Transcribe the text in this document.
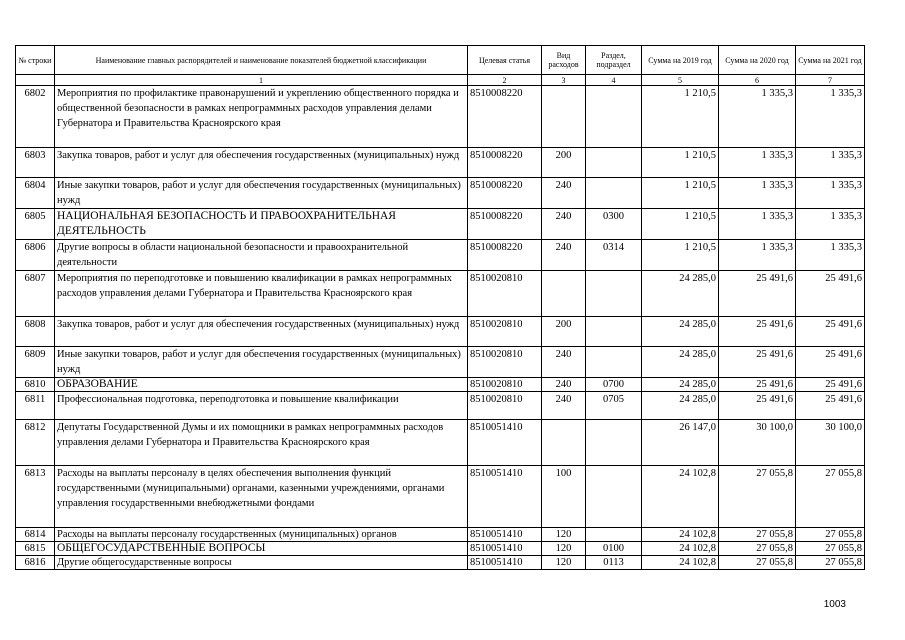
№ строки	Наименование главных распорядителей и наименование показателей бюджетной классификации	Целевая статья	Вид расходов	Раздел, подраздел	Сумма на 2019 год	Сумма на 2020 год	Сумма на 2021 год
	1	2	3	4	5	6	7
6802	Мероприятия по профилактике правонарушений и укреплению общественного порядка и общественной безопасности в рамках непрограммных расходов управления делами Губернатора и Правительства Красноярского края	8510008220			1 210,5	1 335,3	1 335,3
6803	Закупка товаров, работ и услуг для обеспечения государственных (муниципальных) нужд	8510008220	200		1 210,5	1 335,3	1 335,3
6804	Иные закупки товаров, работ и услуг для обеспечения государственных (муниципальных) нужд	8510008220	240		1 210,5	1 335,3	1 335,3
6805	НАЦИОНАЛЬНАЯ БЕЗОПАСНОСТЬ И ПРАВООХРАНИТЕЛЬНАЯ ДЕЯТЕЛЬНОСТЬ	8510008220	240	0300	1 210,5	1 335,3	1 335,3
6806	Другие вопросы в области национальной безопасности и правоохранительной деятельности	8510008220	240	0314	1 210,5	1 335,3	1 335,3
6807	Мероприятия по переподготовке и повышению квалификации в рамках непрограммных расходов управления делами Губернатора и Правительства Красноярского края	8510020810			24 285,0	25 491,6	25 491,6
6808	Закупка товаров, работ и услуг для обеспечения государственных (муниципальных) нужд	8510020810	200		24 285,0	25 491,6	25 491,6
6809	Иные закупки товаров, работ и услуг для обеспечения государственных (муниципальных) нужд	8510020810	240		24 285,0	25 491,6	25 491,6
6810	ОБРАЗОВАНИЕ	8510020810	240	0700	24 285,0	25 491,6	25 491,6
6811	Профессиональная подготовка, переподготовка и повышение квалификации	8510020810	240	0705	24 285,0	25 491,6	25 491,6
6812	Депутаты Государственной Думы и их помощники в рамках непрограммных расходов управления делами Губернатора и Правительства Красноярского края	8510051410			26 147,0	30 100,0	30 100,0
6813	Расходы на выплаты персоналу в целях обеспечения выполнения функций государственными (муниципальными) органами, казенными учреждениями, органами управления государственными внебюджетными фондами	8510051410	100		24 102,8	27 055,8	27 055,8
6814	Расходы на выплаты персоналу государственных (муниципальных) органов	8510051410	120		24 102,8	27 055,8	27 055,8
6815	ОБЩЕГОСУДАРСТВЕННЫЕ ВОПРОСЫ	8510051410	120	0100	24 102,8	27 055,8	27 055,8
6816	Другие общегосударственные вопросы	8510051410	120	0113	24 102,8	27 055,8	27 055,8
1003
